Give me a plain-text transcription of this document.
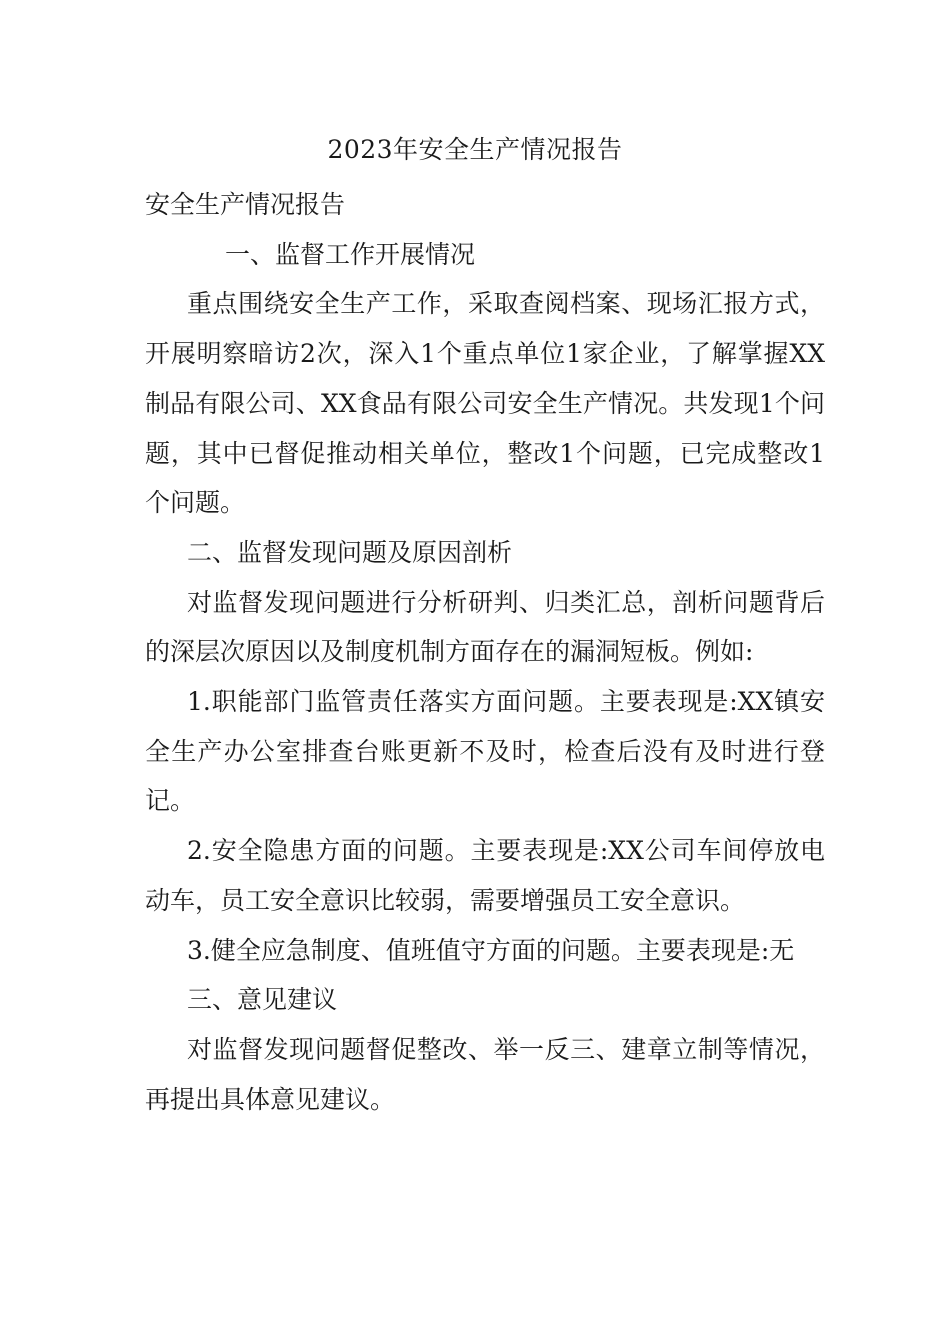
2023年安全生产情况报告

安全生产情况报告

一、监督工作开展情况

重点围绕安全生产工作，采取查阅档案、现场汇报方式，开展明察暗访2次，深入1个重点单位1家企业，了解掌握XX制品有限公司、XX食品有限公司安全生产情况。共发现1个问题，其中已督促推动相关单位，整改1个问题，已完成整改1个问题。

二、监督发现问题及原因剖析

对监督发现问题进行分析研判、归类汇总，剖析问题背后的深层次原因以及制度机制方面存在的漏洞短板。例如:

1.职能部门监管责任落实方面问题。主要表现是:XX镇安全生产办公室排查台账更新不及时，检查后没有及时进行登记。

2.安全隐患方面的问题。主要表现是:XX公司车间停放电动车，员工安全意识比较弱，需要增强员工安全意识。

3.健全应急制度、值班值守方面的问题。主要表现是:无

三、意见建议

对监督发现问题督促整改、举一反三、建章立制等情况，再提出具体意见建议。
